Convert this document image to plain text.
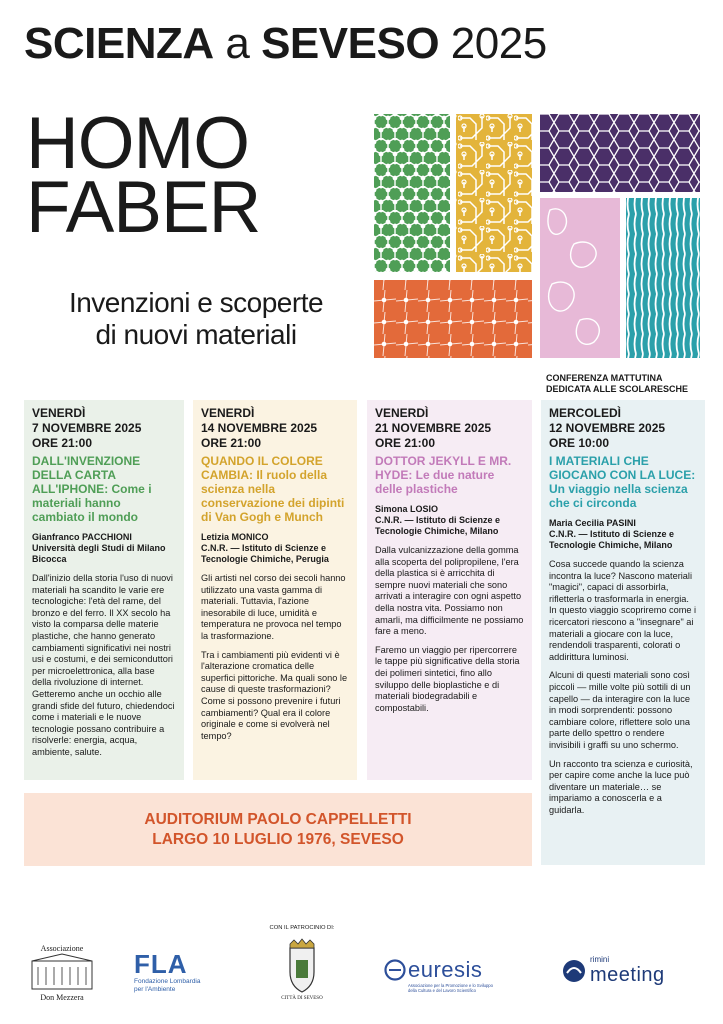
SCIENZA a SEVESO 2025
HOMO
FABER
Invenzioni e scoperte
di nuovi materiali
CONFERENZA MATTUTINA
DEDICATA ALLE SCOLARESCHE
VENERDÌ
7 NOVEMBRE 2025
ORE 21:00
DALL'INVENZIONE DELLA CARTA ALL'IPHONE: Come i materiali hanno cambiato il mondo
Gianfranco PACCHIONI
Università degli Studi di Milano Bicocca

Dall'inizio della storia l'uso di nuovi materiali ha scandito le varie ere tecnologiche: l'età del rame, del bronzo e del ferro. Il XX secolo ha visto la comparsa delle materie plastiche, che hanno generato cambiamenti significativi nei nostri usi e costumi, e dei semiconduttori per microelettronica, alla base della rivoluzione di internet. Getteremo anche un occhio alle grandi sfide del futuro, chiedendoci come i materiali e le nuove tecnologie possano contribuire a risolverle: energia, acqua, ambiente, salute.

VENERDÌ
14 NOVEMBRE 2025
ORE 21:00
QUANDO IL COLORE CAMBIA: Il ruolo della scienza nella conservazione dei dipinti di Van Gogh e Munch
Letizia MONICO
C.N.R. — Istituto di Scienze e Tecnologie Chimiche, Perugia

Gli artisti nel corso dei secoli hanno utilizzato una vasta gamma di materiali. Tuttavia, l'azione inesorabile di luce, umidità e temperatura ne provoca nel tempo la trasformazione.

Tra i cambiamenti più evidenti vi è l'alterazione cromatica delle superfici pittoriche. Ma quali sono le cause di queste trasformazioni? Come si possono prevenire i futuri cambiamenti? Qual era il colore originale e come si evolverà nel tempo?

VENERDÌ
21 NOVEMBRE 2025
ORE 21:00
DOTTOR JEKYLL E MR. HYDE: Le due nature delle plastiche
Simona LOSIO
C.N.R. — Istituto di Scienze e Tecnologie Chimiche, Milano

Dalla vulcanizzazione della gomma alla scoperta del polipropilene, l'era della plastica si è arricchita di sempre nuovi materiali che sono arrivati a interagire con ogni aspetto della nostra vita. Possiamo non amarli, ma difficilmente ne possiamo fare a meno.

Faremo un viaggio per ripercorrere le tappe più significative della storia dei polimeri sintetici, fino allo sviluppo delle bioplastiche e di materiali biodegradabili e compostabili.

MERCOLEDÌ
12 NOVEMBRE 2025
ORE 10:00
I MATERIALI CHE GIOCANO CON LA LUCE: Un viaggio nella scienza che ci circonda
Maria Cecilia PASINI
C.N.R. — Istituto di Scienze e Tecnologie Chimiche, Milano

Cosa succede quando la scienza incontra la luce? Nascono materiali "magici", capaci di assorbirla, rifletterla o trasformarla in energia. In questo viaggio scopriremo come i ricercatori riescono a "insegnare" ai materiali a giocare con la luce, rendendoli trasparenti, colorati o addirittura luminosi.

Alcuni di questi materiali sono così piccoli — mille volte più sottili di un capello — da interagire con la luce in modi sorprendenti: possono cambiare colore, riflettere solo una parte dello spettro o rendere invisibili i graffi su uno schermo.

Un racconto tra scienza e curiosità, per capire come anche la luce può diventare un materiale… se impariamo a conoscerla e a guidarla.

AUDITORIUM PAOLO CAPPELLETTI
LARGO 10 LUGLIO 1976, SEVESO
CON IL PATROCINIO DI:
Associazione
Don Mezzera
FLA
Fondazione Lombardia
per l'Ambiente
CITTÀ DI SEVESO
euresis
Associazione per la Promozione e lo Sviluppo
della Cultura e del Lavoro Scientifico
rimini
meeting
